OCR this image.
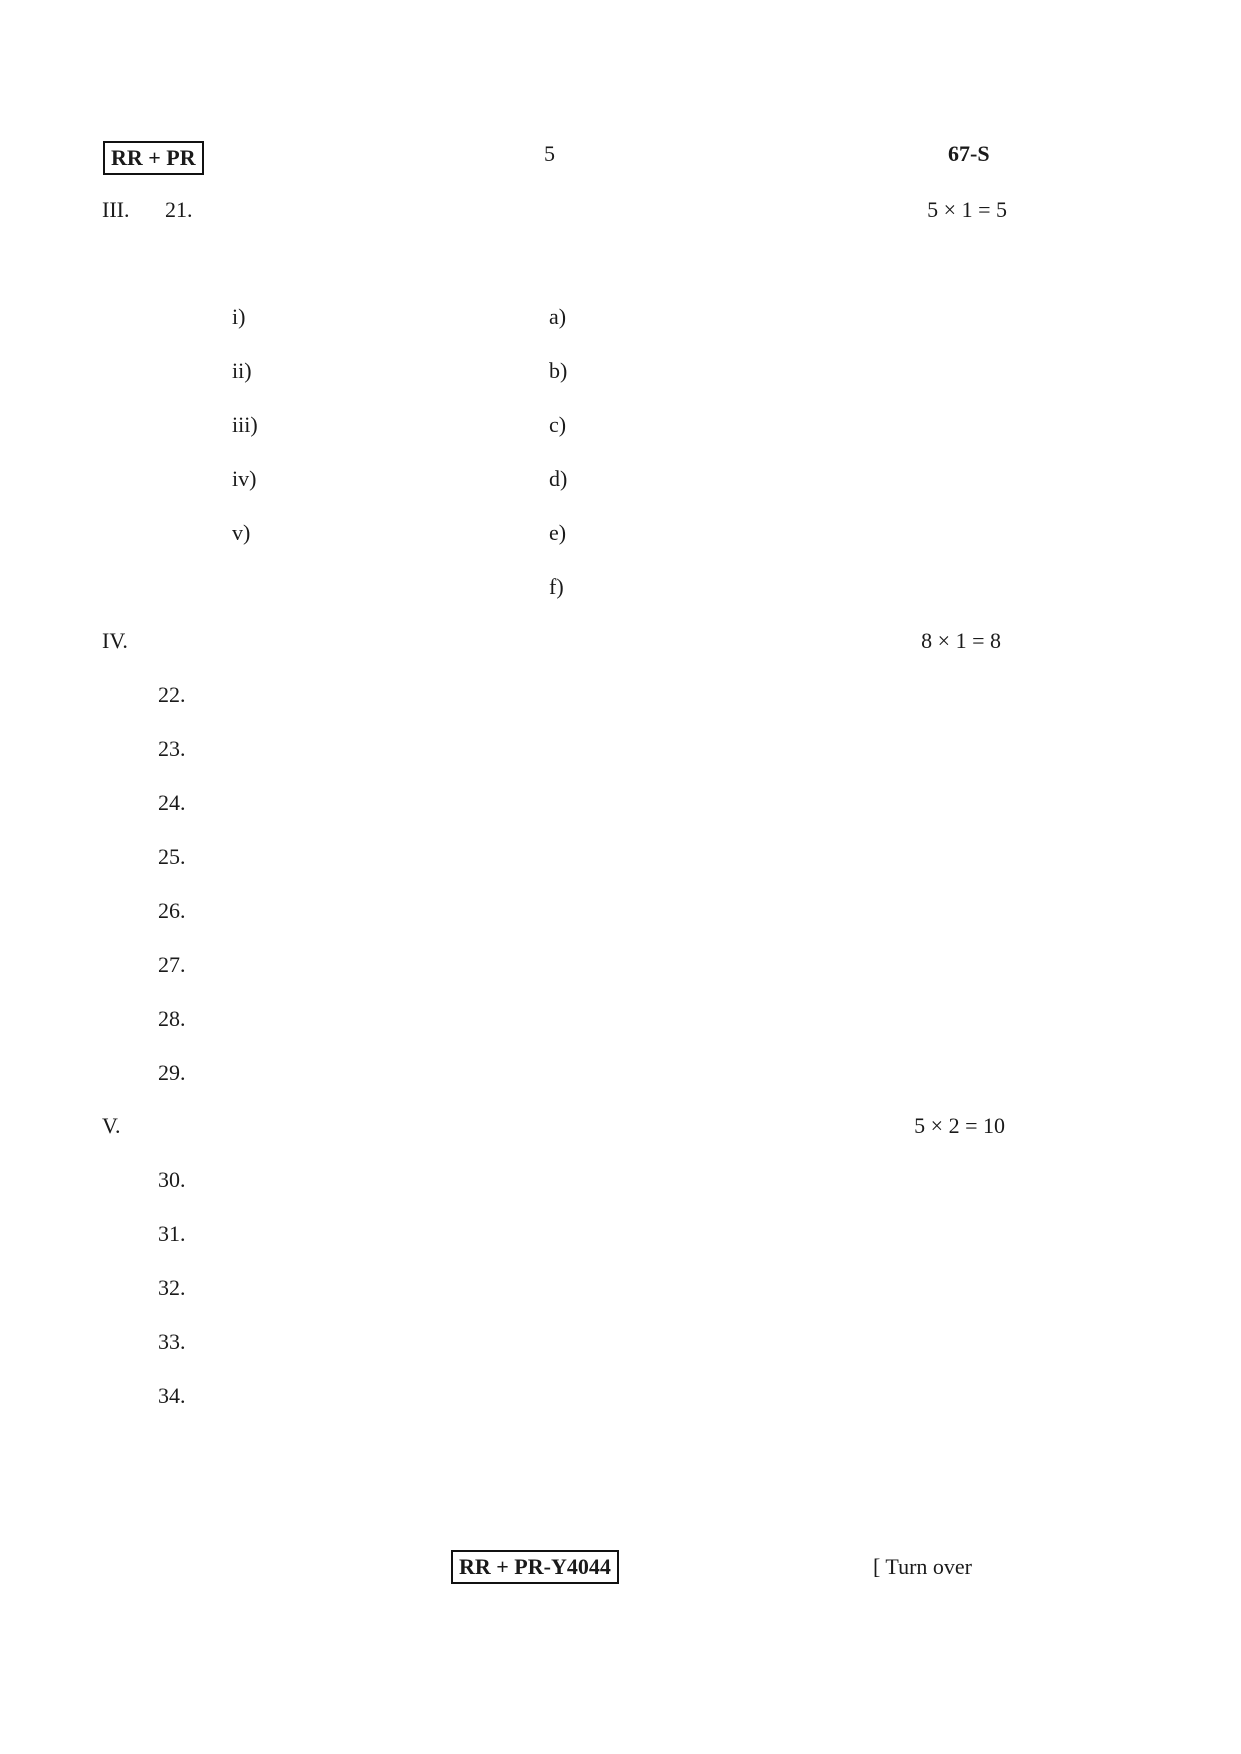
RR + PR	5	67-S
III. 21.	5 × 1 = 5
i)
ii)
iii)
iv)
v)
a)
b)
c)
d)
e)
f)
IV.	8 × 1 = 8
22.
23.
24.
25.
26.
27.
28.
29.
V.	5 × 2 = 10
30.
31.
32.
33.
34.
RR + PR-Y4044	[ Turn over
